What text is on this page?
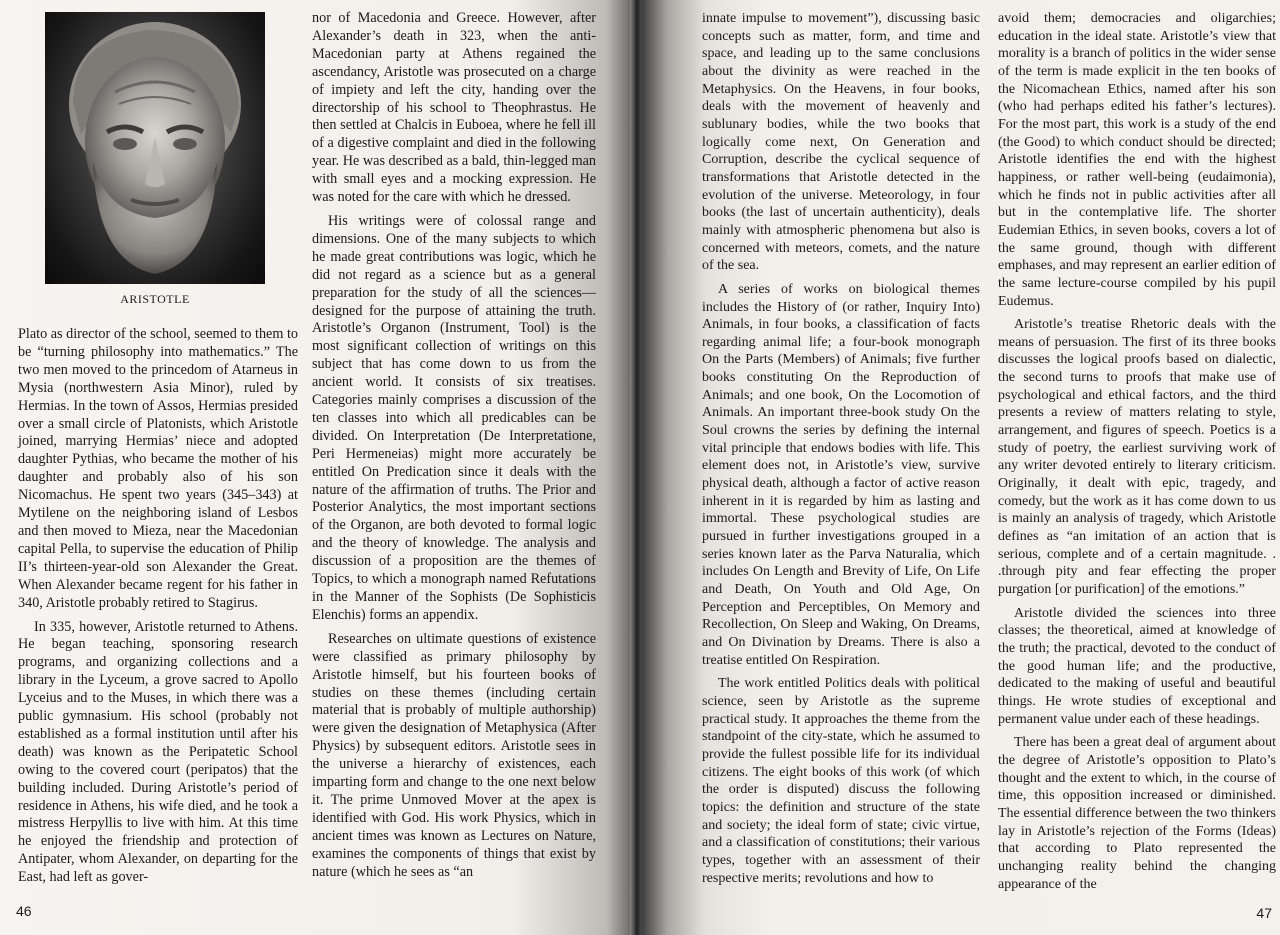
ARISTOTLE

Plato as director of the school, seemed to them to be “turning philosophy into mathematics.” The two men moved to the princedom of Atarneus in Mysia (northwestern Asia Minor), ruled by Hermias. In the town of Assos, Hermias presided over a small circle of Platonists, which Aristotle joined, marrying Hermias’ niece and adopted daughter Pythias, who became the mother of his daughter and probably also of his son Nicomachus. He spent two years (345–343) at Mytilene on the neighboring island of Lesbos and then moved to Mieza, near the Macedonian capital Pella, to supervise the education of Philip II’s thirteen-year-old son Alexander the Great. When Alexander became regent for his father in 340, Aristotle probably retired to Stagirus.

In 335, however, Aristotle returned to Athens. He began teaching, sponsoring research programs, and organizing collections and a library in the Lyceum, a grove sacred to Apollo Lyceius and to the Muses, in which there was a public gymnasium. His school (probably not established as a formal institution until after his death) was known as the Peripatetic School owing to the covered court (peripatos) that the building included. During Aristotle’s period of residence in Athens, his wife died, and he took a mistress Herpyllis to live with him. At this time he enjoyed the friendship and protection of Antipater, whom Alexander, on departing for the East, had left as gover-

nor of Macedonia and Greece. However, after Alexander’s death in 323, when the anti-Macedonian party at Athens regained the ascendancy, Aristotle was prosecuted on a charge of impiety and left the city, handing over the directorship of his school to Theophrastus. He then settled at Chalcis in Euboea, where he fell ill of a digestive complaint and died in the following year. He was described as a bald, thin-legged man with small eyes and a mocking expression. He was noted for the care with which he dressed.

His writings were of colossal range and dimensions. One of the many subjects to which he made great contributions was logic, which he did not regard as a science but as a general preparation for the study of all the sciences—designed for the purpose of attaining the truth. Aristotle’s Organon (Instrument, Tool) is the most significant collection of writings on this subject that has come down to us from the ancient world. It consists of six treatises. Categories mainly comprises a discussion of the ten classes into which all predicables can be divided. On Interpretation (De Interpretatione, Peri Hermeneias) might more accurately be entitled On Predication since it deals with the nature of the affirmation of truths. The Prior and Posterior Analytics, the most important sections of the Organon, are both devoted to formal logic and the theory of knowledge. The analysis and discussion of a proposition are the themes of Topics, to which a monograph named Refutations in the Manner of the Sophists (De Sophisticis Elenchis) forms an appendix.

Researches on ultimate questions of existence were classified as primary philosophy by Aristotle himself, but his fourteen books of studies on these themes (including certain material that is probably of multiple authorship) were given the designation of Metaphysica (After Physics) by subsequent editors. Aristotle sees in the universe a hierarchy of existences, each imparting form and change to the one next below it. The prime Unmoved Mover at the apex is identified with God. His work Physics, which in ancient times was known as Lectures on Nature, examines the components of things that exist by nature (which he sees as “an

46

innate impulse to movement”), discussing basic concepts such as matter, form, and time and space, and leading up to the same conclusions about the divinity as were reached in the Metaphysics. On the Heavens, in four books, deals with the movement of heavenly and sublunary bodies, while the two books that logically come next, On Generation and Corruption, describe the cyclical sequence of transformations that Aristotle detected in the evolution of the universe. Meteorology, in four books (the last of uncertain authenticity), deals mainly with atmospheric phenomena but also is concerned with meteors, comets, and the nature of the sea.

A series of works on biological themes includes the History of (or rather, Inquiry Into) Animals, in four books, a classification of facts regarding animal life; a four-book monograph On the Parts (Members) of Animals; five further books constituting On the Reproduction of Animals; and one book, On the Locomotion of Animals. An important three-book study On the Soul crowns the series by defining the internal vital principle that endows bodies with life. This element does not, in Aristotle’s view, survive physical death, although a factor of active reason inherent in it is regarded by him as lasting and immortal. These psychological studies are pursued in further investigations grouped in a series known later as the Parva Naturalia, which includes On Length and Brevity of Life, On Life and Death, On Youth and Old Age, On Perception and Perceptibles, On Memory and Recollection, On Sleep and Waking, On Dreams, and On Divination by Dreams. There is also a treatise entitled On Respiration.

The work entitled Politics deals with political science, seen by Aristotle as the supreme practical study. It approaches the theme from the standpoint of the city-state, which he assumed to provide the fullest possible life for its individual citizens. The eight books of this work (of which the order is disputed) discuss the following topics: the definition and structure of the state and society; the ideal form of state; civic virtue, and a classification of constitutions; their various types, together with an assessment of their respective merits; revolutions and how to

avoid them; democracies and oligarchies; education in the ideal state. Aristotle’s view that morality is a branch of politics in the wider sense of the term is made explicit in the ten books of the Nicomachean Ethics, named after his son (who had perhaps edited his father’s lectures). For the most part, this work is a study of the end (the Good) to which conduct should be directed; Aristotle identifies the end with the highest happiness, or rather well-being (eudaimonia), which he finds not in public activities after all but in the contemplative life. The shorter Eudemian Ethics, in seven books, covers a lot of the same ground, though with different emphases, and may represent an earlier edition of the same lecture-course compiled by his pupil Eudemus.

Aristotle’s treatise Rhetoric deals with the means of persuasion. The first of its three books discusses the logical proofs based on dialectic, the second turns to proofs that make use of psychological and ethical factors, and the third presents a review of matters relating to style, arrangement, and figures of speech. Poetics is a study of poetry, the earliest surviving work of any writer devoted entirely to literary criticism. Originally, it dealt with epic, tragedy, and comedy, but the work as it has come down to us is mainly an analysis of tragedy, which Aristotle defines as “an imitation of an action that is serious, complete and of a certain magnitude. . .through pity and fear effecting the proper purgation [or purification] of the emotions.”

Aristotle divided the sciences into three classes; the theoretical, aimed at knowledge of the truth; the practical, devoted to the conduct of the good human life; and the productive, dedicated to the making of useful and beautiful things. He wrote studies of exceptional and permanent value under each of these headings.

There has been a great deal of argument about the degree of Aristotle’s opposition to Plato’s thought and the extent to which, in the course of time, this opposition increased or diminished. The essential difference between the two thinkers lay in Aristotle’s rejection of the Forms (Ideas) that according to Plato represented the unchanging reality behind the changing appearance of the

47
